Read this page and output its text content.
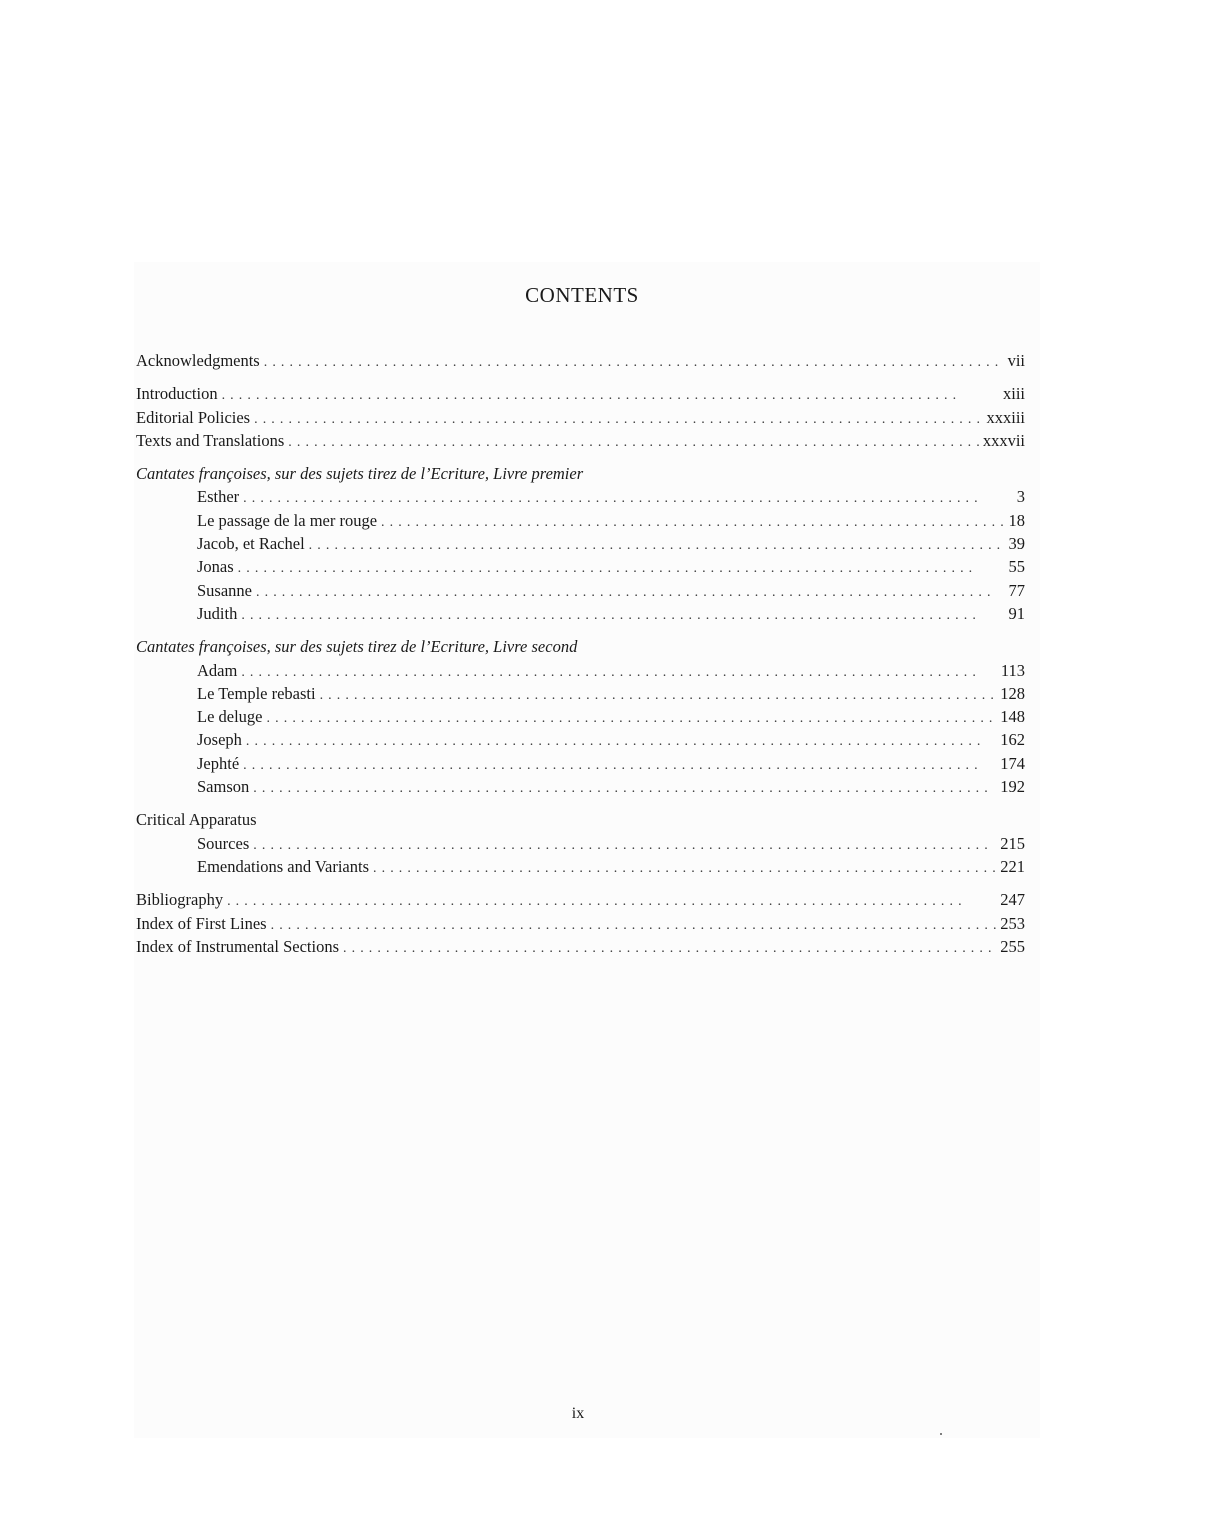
CONTENTS
Acknowledgments . . .	vii
Introduction . . .	xiii
Editorial Policies . . .	xxxiii
Texts and Translations . . .	xxxvii
Cantates françoises, sur des sujets tirez de l’Ecriture, Livre premier
Esther . . .	3
Le passage de la mer rouge . . .	18
Jacob, et Rachel . . .	39
Jonas . . .	55
Susanne . . .	77
Judith . . .	91
Cantates françoises, sur des sujets tirez de l’Ecriture, Livre second
Adam . . .	113
Le Temple rebasti . . .	128
Le deluge . . .	148
Joseph . . .	162
Jephté . . .	174
Samson . . .	192
Critical Apparatus
Sources . . .	215
Emendations and Variants . . .	221
Bibliography . . .	247
Index of First Lines . . .	253
Index of Instrumental Sections . . .	255
ix
